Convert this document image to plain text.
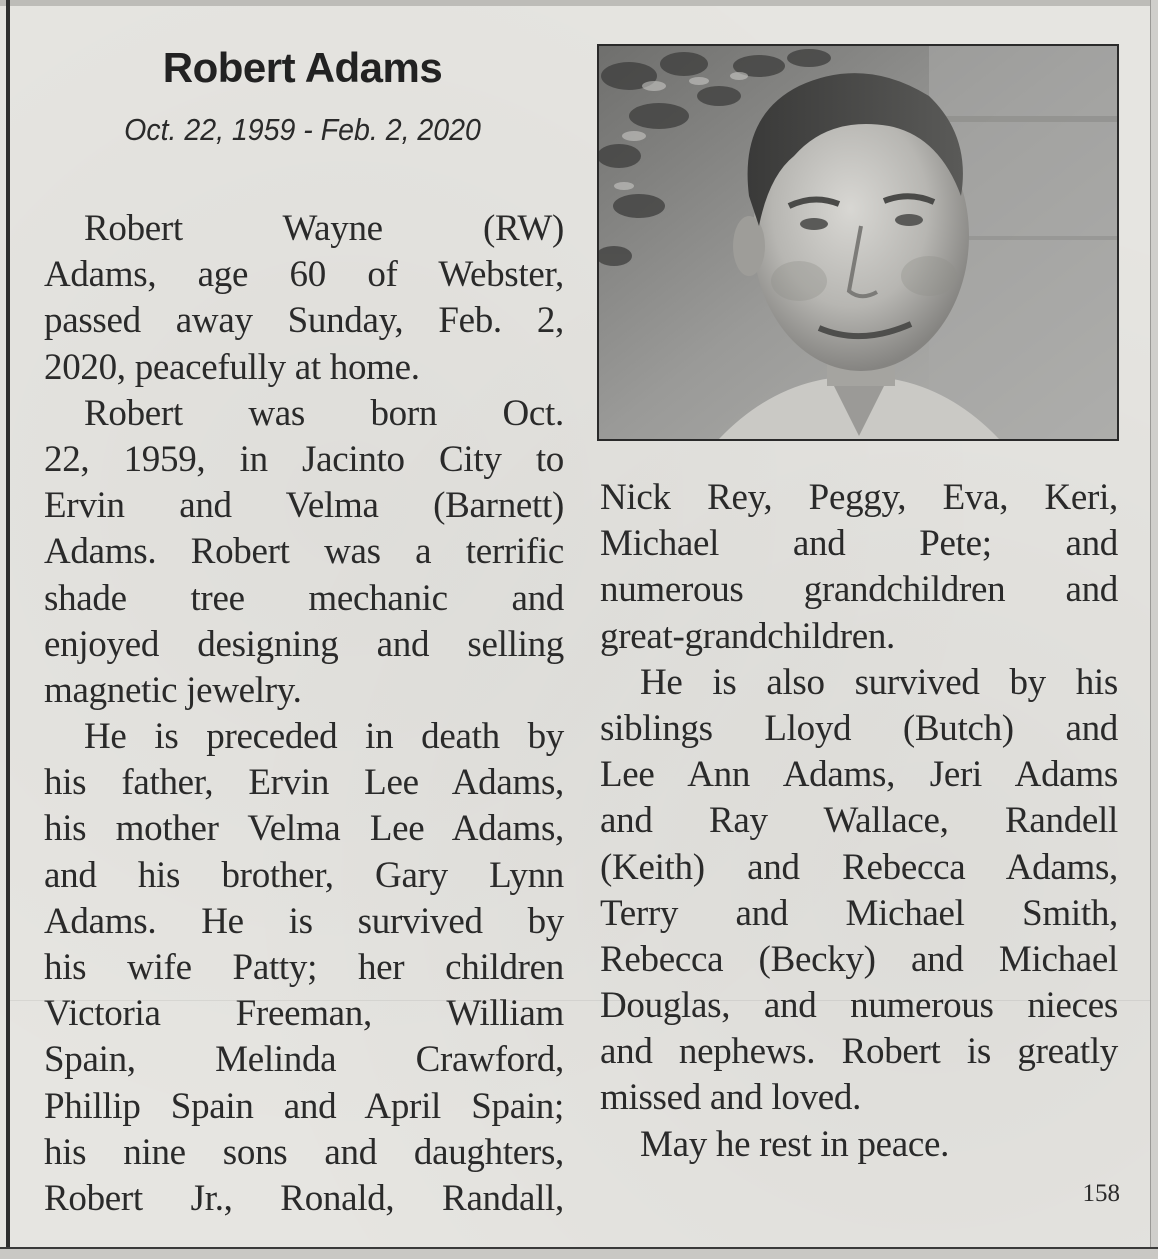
Robert Adams
Oct. 22, 1959 - Feb. 2, 2020
Robert Wayne (RW)
Adams, age 60 of Webster,
passed away Sunday, Feb. 2,
2020, peacefully at home.
Robert was born Oct.
22, 1959, in Jacinto City to
Ervin and Velma (Barnett)
Adams. Robert was a terrific
shade tree mechanic and
enjoyed designing and selling
magnetic jewelry.
He is preceded in death by
his father, Ervin Lee Adams,
his mother Velma Lee Adams,
and his brother, Gary Lynn
Adams. He is survived by
his wife Patty; her children
Victoria Freeman, William
Spain, Melinda Crawford,
Phillip Spain and April Spain;
his nine sons and daughters,
Robert Jr., Ronald, Randall,
Nick Rey, Peggy, Eva, Keri,
Michael and Pete; and
numerous grandchildren and
great-grandchildren.
He is also survived by his
siblings Lloyd (Butch) and
Lee Ann Adams, Jeri Adams
and Ray Wallace, Randell
(Keith) and Rebecca Adams,
Terry and Michael Smith,
Rebecca (Becky) and Michael
Douglas, and numerous nieces
and nephews. Robert is greatly
missed and loved.
May he rest in peace.
158
